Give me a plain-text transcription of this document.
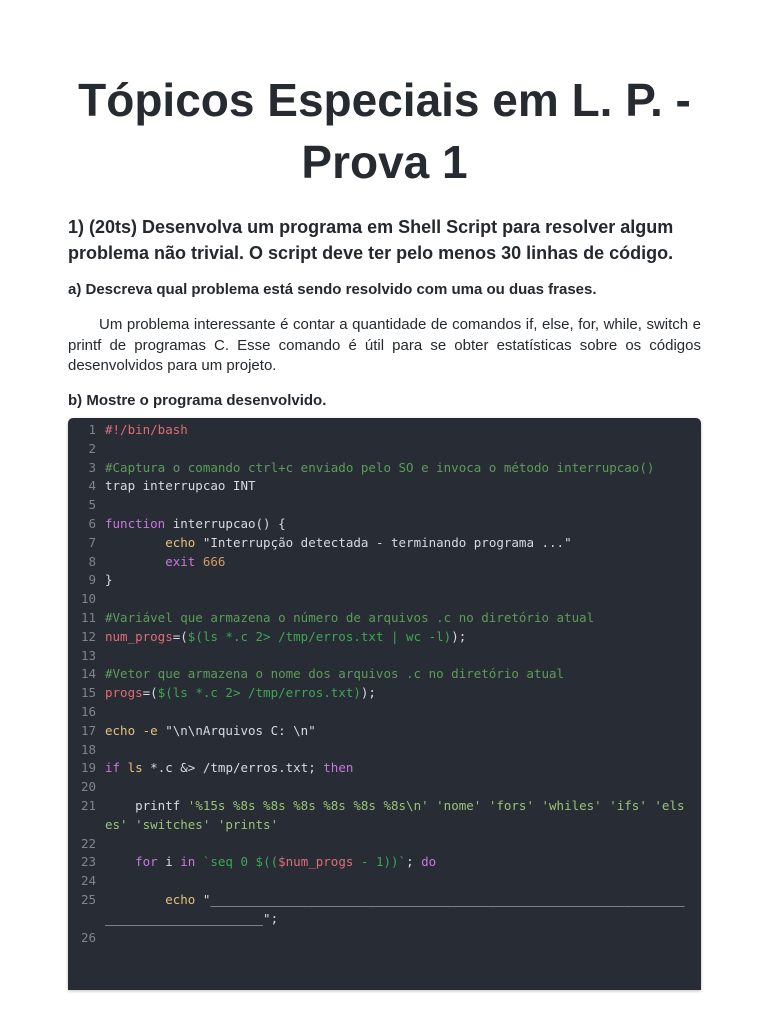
Tópicos Especiais em L. P. - Prova 1
1) (20ts) Desenvolva um programa em Shell Script para resolver algum problema não trivial. O script deve ter pelo menos 30 linhas de código.
a) Descreva qual problema está sendo resolvido com uma ou duas frases.

Um problema interessante é contar a quantidade de comandos if, else, for, while, switch e printf de programas C. Esse comando é útil para se obter estatísticas sobre os códigos desenvolvidos para um projeto.

b) Mostre o programa desenvolvido.
1 #!/bin/bash
2

3 #Captura o comando ctrl+c enviado pelo SO e invoca o método interrupcao()
4 trap interrupcao INT
5

6 function interrupcao() {
7	echo "Interrupção detectada - terminando programa ..."
8	exit 666
9 }
10

11 #Variável que armazena o número de arquivos .c no diretório atual
12 num_progs=($(ls *.c 2> /tmp/erros.txt | wc -l));
13

14 #Vetor que armazena o nome dos arquivos .c no diretório atual
15 progs=($(ls *.c 2> /tmp/erros.txt));
16

17 echo -e "\n\nArquivos C: \n"
18

19 if ls *.c &> /tmp/erros.txt; then
20

21 printf '%15s %8s %8s %8s %8s %8s %8s\n' 'nome' 'fors' 'whiles' 'ifs' 'elses' 'switches' 'prints'
22

23	for i in `seq 0 $(($num_progs - 1))`; do
24

25	echo "____________________________________________________________________________________";
26
